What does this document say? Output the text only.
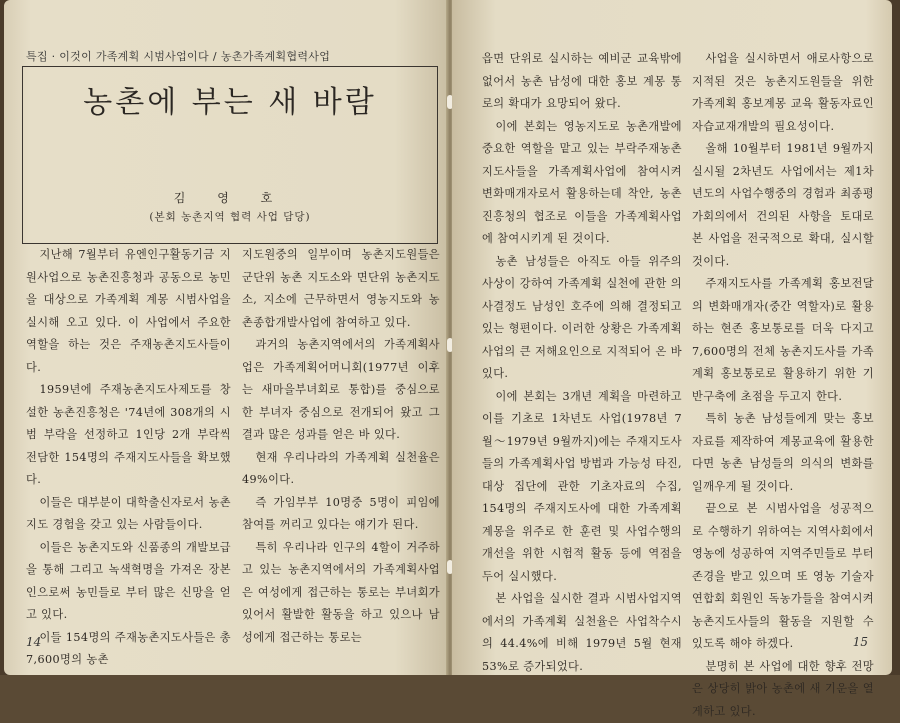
특집 · 이것이 가족계획 시범사업이다 / 농촌가족계획협력사업
농촌에 부는 새 바람
김 영 호
(본회 농촌지역 협력 사업 담당)

지난해 7월부터 유엔인구활동기금 지원사업으로 농촌진흥청과 공동으로 농민을 대상으로 가족계획 계몽 시범사업을 실시해 오고 있다. 이 사업에서 주요한 역할을 하는 것은 주재농촌지도사들이다.

1959년에 주재농촌지도사제도를 창설한 농촌진흥청은 '74년에 308개의 시범 부락을 선정하고 1인당 2개 부락씩 전담한 154명의 주재지도사들을 확보했다.

이들은 대부분이 대학출신자로서 농촌지도 경험을 갖고 있는 사람들이다.

이들은 농촌지도와 신품종의 개발보급을 통해 그리고 녹색혁명을 가져온 장본인으로써 농민들로 부터 많은 신망을 얻고 있다.

이들 154명의 주재농촌지도사들은 총 7,600명의 농촌

지도원중의 일부이며 농촌지도원들은 군단위 농촌 지도소와 면단위 농촌지도소, 지소에 근무하면서 영농지도와 농촌종합개발사업에 참여하고 있다.

과거의 농촌지역에서의 가족계획사업은 가족계획어머니회(1977년 이후는 새마을부녀회로 통합)를 중심으로 한 부녀자 중심으로 전개되어 왔고 그 결과 많은 성과를 얻은 바 있다.

현재 우리나라의 가족계획 실천율은 49%이다.

즉 가임부부 10명중 5명이 피임에 참여를 꺼리고 있다는 얘기가 된다.

특히 우리나라 인구의 4할이 거주하고 있는 농촌지역에서의 가족계획사업은 여성에게 접근하는 통로는 부녀회가 있어서 활발한 활동을 하고 있으나 남성에게 접근하는 통로는

14

읍면 단위로 실시하는 예비군 교육밖에 없어서 농촌 남성에 대한 홍보 계몽 통로의 확대가 요망되어 왔다.

이에 본회는 영농지도로 농촌개발에 중요한 역할을 맡고 있는 부락주재농촌지도사들을 가족계획사업에 참여시켜 변화매개자로서 활용하는데 착안, 농촌진흥청의 협조로 이들을 가족계획사업에 참여시키게 된 것이다.

농촌 남성들은 아직도 아들 위주의 사상이 강하여 가족계획 실천에 관한 의사결정도 남성인 호주에 의해 결정되고 있는 형편이다. 이러한 상황은 가족계획사업의 큰 저해요인으로 지적되어 온 바 있다.

이에 본회는 3개년 계획을 마련하고 이를 기초로 1차년도 사업(1978년 7월～1979년 9월까지)에는 주재지도사들의 가족계획사업 방법과 가능성 타진, 대상 집단에 관한 기초자료의 수집, 154명의 주재지도사에 대한 가족계획 계몽을 위주로 한 훈련 및 사업수행의 개선을 위한 시험적 활동 등에 역점을 두어 실시했다.

본 사업을 실시한 결과 시범사업지역에서의 가족계획 실천율은 사업착수시의 44.4%에 비해 1979년 5월 현재 53%로 증가되었다.

사업을 실시하면서 애로사항으로 지적된 것은 농촌지도원들을 위한 가족계획 홍보계몽 교육 활동자료인 자습교재개발의 필요성이다.

올해 10월부터 1981년 9월까지 실시될 2차년도 사업에서는 제1차년도의 사업수행중의 경험과 최종평가회의에서 건의된 사항을 토대로 본 사업을 전국적으로 확대, 실시할 것이다.

주재지도사를 가족계획 홍보전달의 변화매개자(중간 역할자)로 활용하는 현존 홍보통로를 더욱 다지고 7,600명의 전체 농촌지도사를 가족계획 홍보통로로 활용하기 위한 기반구축에 초점을 두고지 한다.

특히 농촌 남성들에게 맞는 홍보자료를 제작하여 계몽교육에 활용한다면 농촌 남성들의 의식의 변화를 일깨우게 될 것이다.

끝으로 본 시범사업을 성공적으로 수행하기 위하여는 지역사회에서 영농에 성공하여 지역주민들로 부터 존경을 받고 있으며 또 영농 기술자 연합회 회원인 독농가들을 참여시켜 농촌지도사들의 활동을 지원할 수 있도록 해야 하겠다.

분명히 본 사업에 대한 향후 전망은 상당히 밝아 농촌에 새 기운을 열게하고 있다.

15
